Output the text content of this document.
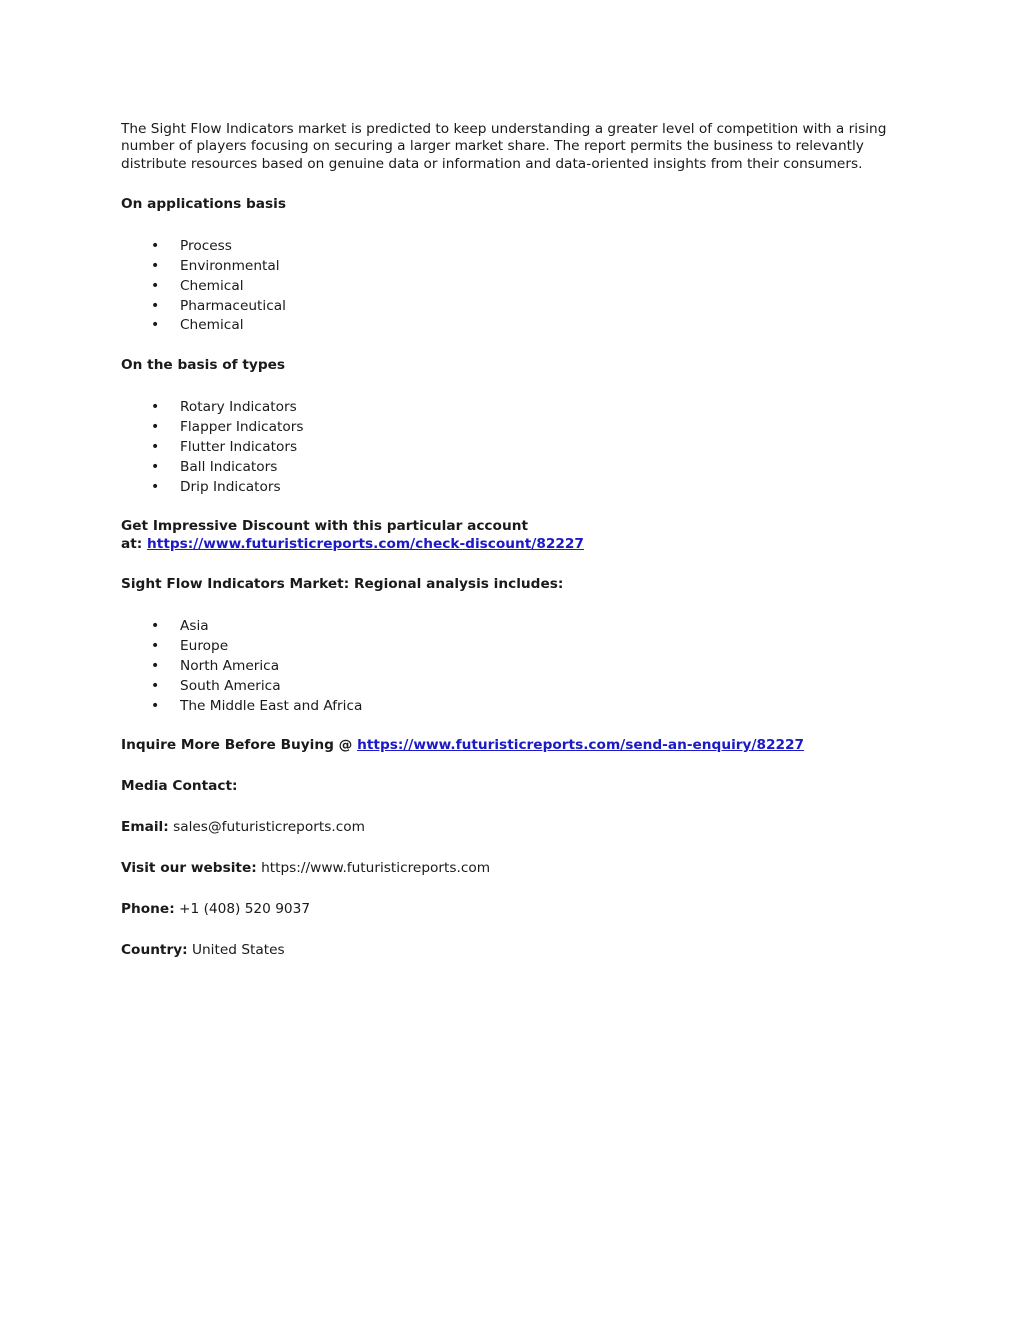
The Sight Flow Indicators market is predicted to keep understanding a greater level of competition with a rising number of players focusing on securing a larger market share. The report permits the business to relevantly distribute resources based on genuine data or information and data-oriented insights from their consumers.

On applications basis

• Process
• Environmental
• Chemical
• Pharmaceutical
• Chemical

On the basis of types

• Rotary Indicators
• Flapper Indicators
• Flutter Indicators
• Ball Indicators
• Drip Indicators

Get Impressive Discount with this particular account

at: https://www.futuristicreports.com/check-discount/82227

Sight Flow Indicators Market: Regional analysis includes:

• Asia
• Europe
• North America
• South America
• The Middle East and Africa

Inquire More Before Buying @ https://www.futuristicreports.com/send-an-enquiry/82227

Media Contact:

Email: sales@futuristicreports.com

Visit our website: https://www.futuristicreports.com

Phone: +1 (408) 520 9037

Country: United States
